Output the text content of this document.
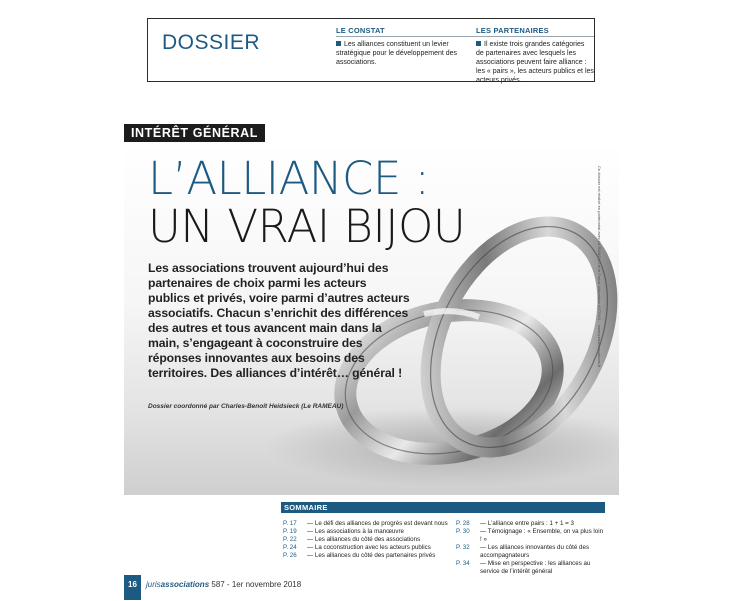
DOSSIER
LE CONSTAT
Les alliances constituent un levier stratégique pour le développement des associations.
LES PARTENAIRES
Il existe trois grandes catégories de partenaires avec lesquels les associations peuvent faire alliance : les « pairs », les acteurs publics et les acteurs privés.
INTÉRÊT GÉNÉRAL
L’ALLIANCE :
UN VRAI BIJOU
Les associations trouvent aujourd’hui des partenaires de choix parmi les acteurs publics et privés, voire parmi d’autres acteurs associatifs. Chacun s’enrichit des différences des autres et tous avancent main dans la main, s’engageant à coconstruire des réponses innovantes aux besoins des territoires. Des alliances d’intérêt… général !
Dossier coordonné par Charles-Benoît Heidsieck (Le RAMEAU)
Ce dossier est réalisé en partenariat avec Le RAMEAU et le Fonds Mutualiste AVTRAS – www.jurisassociations.fr
SOMMAIRE
P. 17	— Le défi des alliances de progrès est devant nous
P. 19	— Les associations à la manœuvre
P. 22	— Les alliances du côté des associations
P. 24	— La coconstruction avec les acteurs publics
P. 26	— Les alliances du côté des partenaires privés
P. 28	— L’alliance entre pairs : 1 + 1 = 3
P. 30	— Témoignage : « Ensemble, on va plus loin ! »
P. 32	— Les alliances innovantes du côté des accompagnateurs
P. 34	— Mise en perspective : les alliances au service de l’intérêt général
16	jurisassociations 587 - 1er novembre 2018
